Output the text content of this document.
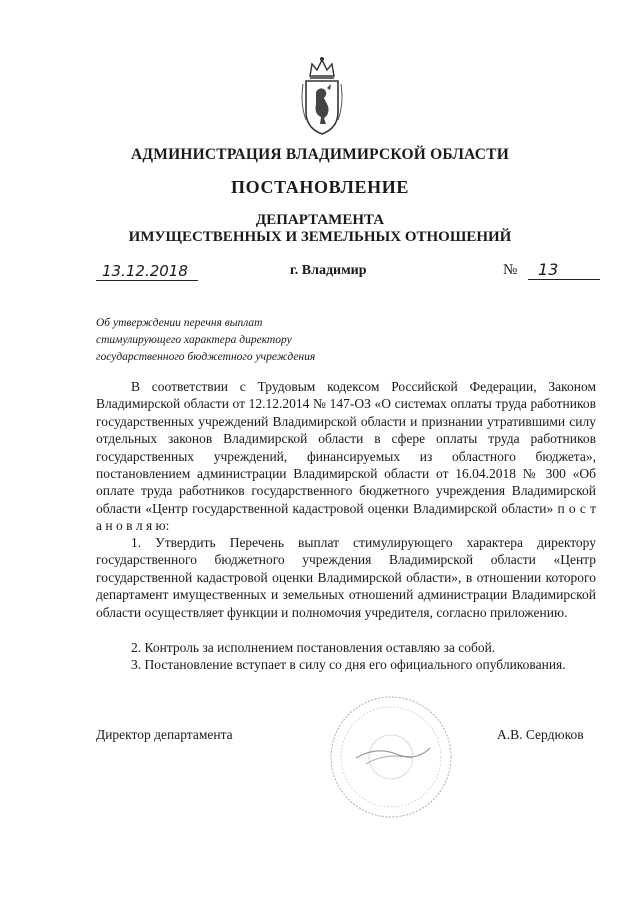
АДМИНИСТРАЦИЯ ВЛАДИМИРСКОЙ ОБЛАСТИ
ПОСТАНОВЛЕНИЕ
ДЕПАРТАМЕНТА
ИМУЩЕСТВЕННЫХ И ЗЕМЕЛЬНЫХ ОТНОШЕНИЙ
13.12.2018	г. Владимир	№	13
Об утверждении перечня выплат
стимулирующего характера директору
государственного бюджетного учреждения

В соответствии с Трудовым кодексом Российской Федерации, Законом Владимирской области от 12.12.2014 № 147-ОЗ «О системах оплаты труда работников государственных учреждений Владимирской области и признании утратившими силу отдельных законов Владимирской области в сфере оплаты труда работников государственных учреждений, финансируемых из областного бюджета», постановлением администрации Владимирской области от 16.04.2018 № 300 «Об оплате труда работников государственного бюджетного учреждения Владимирской области «Центр государственной кадастровой оценки Владимирской области» п о с т а н о в л я ю:

1. Утвердить Перечень выплат стимулирующего характера директору государственного бюджетного учреждения Владимирской области «Центр государственной кадастровой оценки Владимирской области», в отношении которого департамент имущественных и земельных отношений администрации Владимирской области осуществляет функции и полномочия учредителя, согласно приложению.

2. Контроль за исполнением постановления оставляю за собой.

3. Постановление вступает в силу со дня его официального опубликования.

Директор департамента	А.В. Сердюков
